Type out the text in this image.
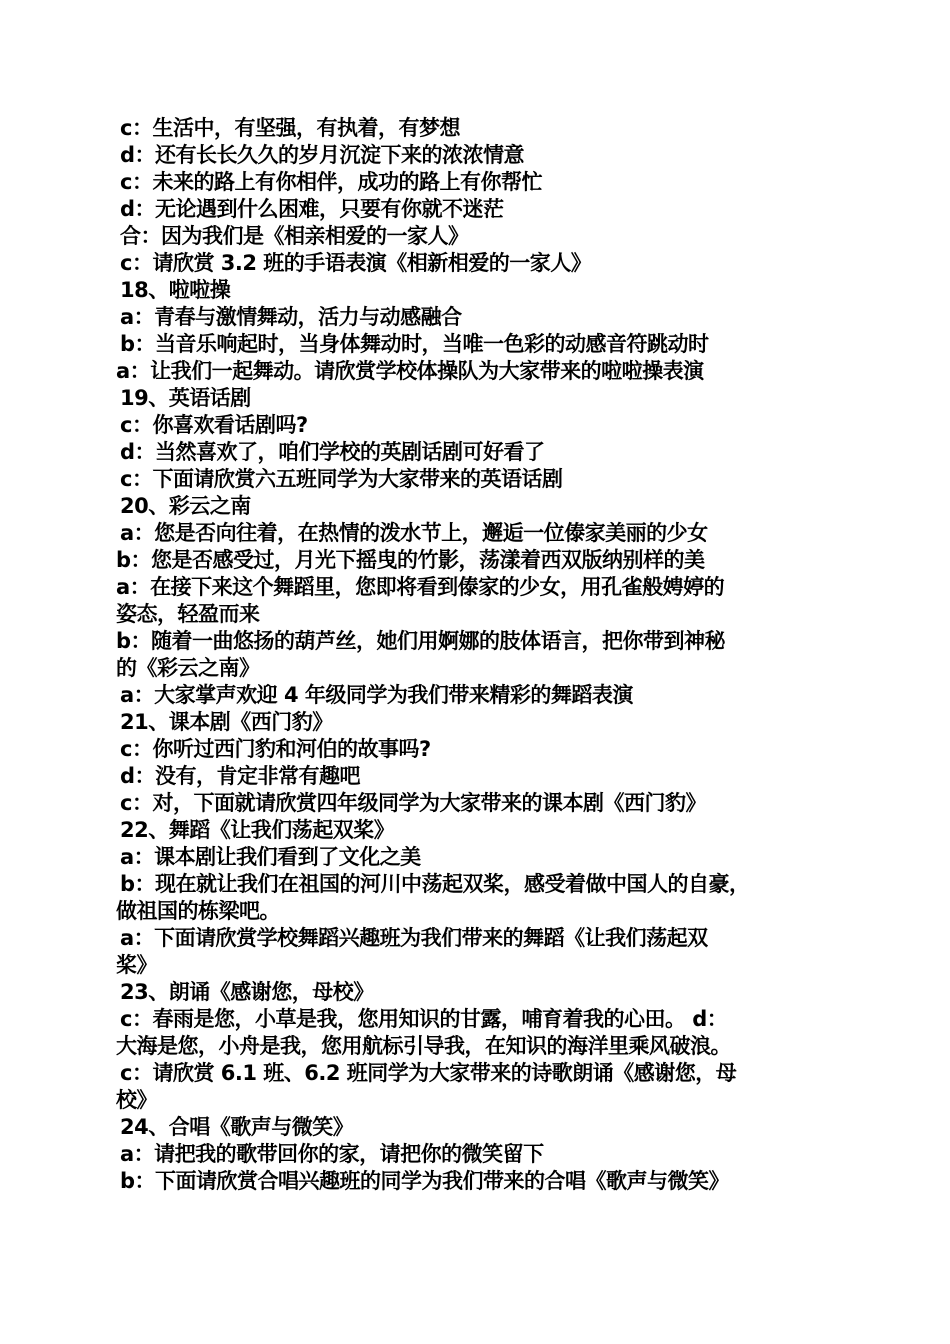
c：生活中，有坚强，有执着，有梦想
d：还有长长久久的岁月沉淀下来的浓浓情意
c：未来的路上有你相伴，成功的路上有你帮忙
d：无论遇到什么困难，只要有你就不迷茫
合：因为我们是《相亲相爱的一家人》
c：请欣赏 3.2 班的手语表演《相新相爱的一家人》
18、啦啦操
a：青春与激情舞动，活力与动感融合
b：当音乐响起时，当身体舞动时，当唯一色彩的动感音符跳动时
a：让我们一起舞动。请欣赏学校体操队为大家带来的啦啦操表演
19、英语话剧
c：你喜欢看话剧吗?
d：当然喜欢了，咱们学校的英剧话剧可好看了
c：下面请欣赏六五班同学为大家带来的英语话剧
20、彩云之南
a：您是否向往着，在热情的泼水节上，邂逅一位傣家美丽的少女
b：您是否感受过，月光下摇曳的竹影，荡漾着西双版纳别样的美
a：在接下来这个舞蹈里，您即将看到傣家的少女，用孔雀般娉婷的
姿态，轻盈而来
b：随着一曲悠扬的葫芦丝，她们用婀娜的肢体语言，把你带到神秘
的《彩云之南》
a：大家掌声欢迎 4 年级同学为我们带来精彩的舞蹈表演
21、课本剧《西门豹》
c：你听过西门豹和河伯的故事吗?
d：没有，肯定非常有趣吧
c：对，下面就请欣赏四年级同学为大家带来的课本剧《西门豹》
22、舞蹈《让我们荡起双桨》
a：课本剧让我们看到了文化之美
b：现在就让我们在祖国的河川中荡起双桨，感受着做中国人的自豪，
做祖国的栋梁吧。
a：下面请欣赏学校舞蹈兴趣班为我们带来的舞蹈《让我们荡起双
桨》
23、朗诵《感谢您，母校》
c：春雨是您，小草是我，您用知识的甘露，哺育着我的心田。 d：
大海是您，小舟是我，您用航标引导我，在知识的海洋里乘风破浪。
c：请欣赏 6.1 班、6.2 班同学为大家带来的诗歌朗诵《感谢您，母
校》
24、合唱《歌声与微笑》
a：请把我的歌带回你的家，请把你的微笑留下
b：下面请欣赏合唱兴趣班的同学为我们带来的合唱《歌声与微笑》
